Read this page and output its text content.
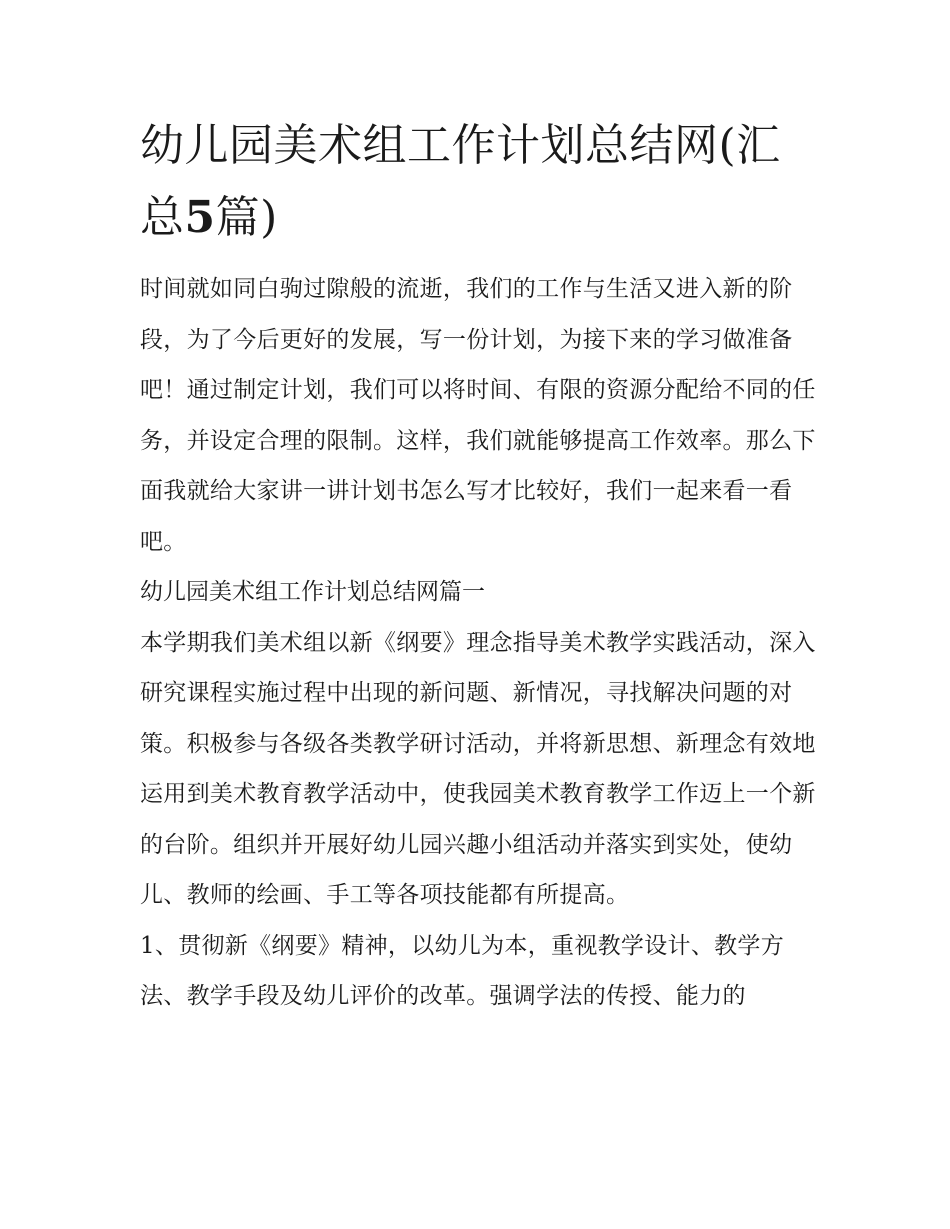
幼儿园美术组工作计划总结网(汇总5篇)

时间就如同白驹过隙般的流逝，我们的工作与生活又进入新的阶段，为了今后更好的发展，写一份计划，为接下来的学习做准备吧！通过制定计划，我们可以将时间、有限的资源分配给不同的任务，并设定合理的限制。这样，我们就能够提高工作效率。那么下面我就给大家讲一讲计划书怎么写才比较好，我们一起来看一看吧。

幼儿园美术组工作计划总结网篇一

本学期我们美术组以新《纲要》理念指导美术教学实践活动，深入研究课程实施过程中出现的新问题、新情况，寻找解决问题的对策。积极参与各级各类教学研讨活动，并将新思想、新理念有效地运用到美术教育教学活动中，使我园美术教育教学工作迈上一个新的台阶。组织并开展好幼儿园兴趣小组活动并落实到实处，使幼儿、教师的绘画、手工等各项技能都有所提高。

1、贯彻新《纲要》精神，以幼儿为本，重视教学设计、教学方法、教学手段及幼儿评价的改革。强调学法的传授、能力的
